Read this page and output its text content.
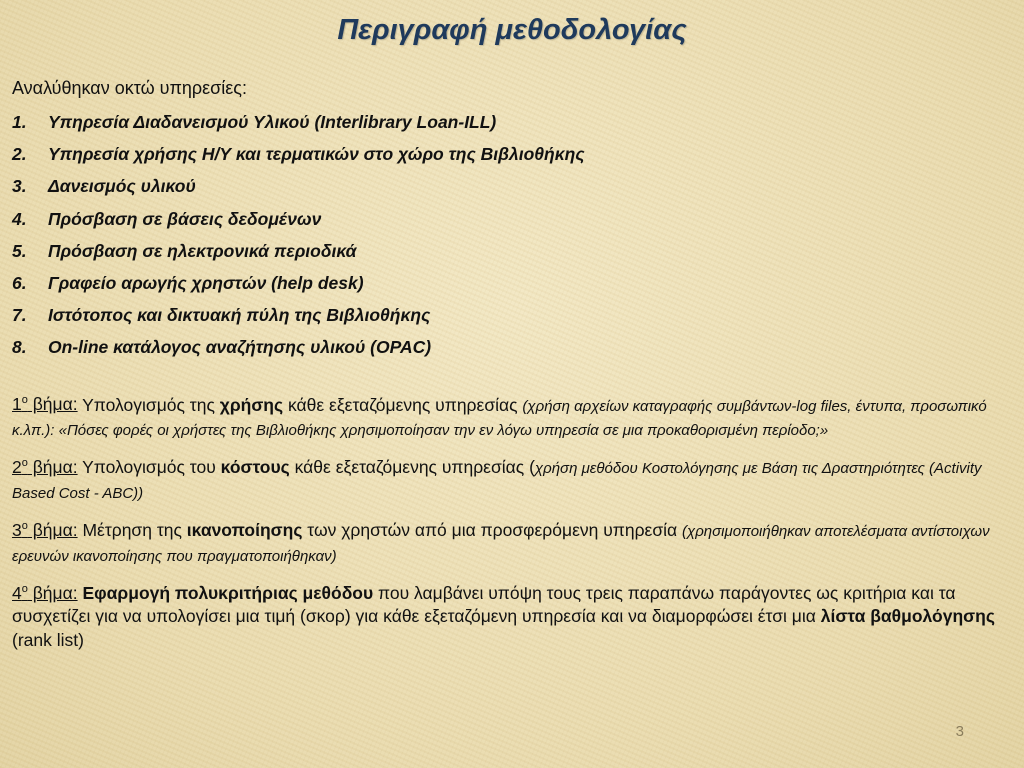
Περιγραφή μεθοδολογίας

Αναλύθηκαν οκτώ υπηρεσίες:

1.	Υπηρεσία Διαδανεισμού Υλικού (Interlibrary Loan-ILL)
2.	Υπηρεσία χρήσης Η/Υ και τερματικών στο χώρο της Βιβλιοθήκης
3.	Δανεισμός υλικού
4.	Πρόσβαση σε βάσεις δεδομένων
5.	Πρόσβαση σε ηλεκτρονικά περιοδικά
6.	Γραφείο αρωγής χρηστών (help desk)
7.	Ιστότοπος και δικτυακή πύλη της Βιβλιοθήκης
8.	On-line κατάλογος αναζήτησης υλικού (OPAC)

$1^o$ βήμα: Υπολογισμός της χρήσης κάθε εξεταζόμενης υπηρεσίας (χρήση αρχείων καταγραφής συμβάντων-log files, έντυπα, προσωπικό κ.λπ.): «Πόσες φορές οι χρήστες της Βιβλιοθήκης χρησιμοποίησαν την εν λόγω υπηρεσία σε μια προκαθορισμένη περίοδο;»

$2^o$ βήμα: Υπολογισμός του κόστους κάθε εξεταζόμενης υπηρεσίας (χρήση μεθόδου Κοστολόγησης με Βάση τις Δραστηριότητες (Activity Based Cost - ABC))

$3^o$ βήμα: Μέτρηση της ικανοποίησης των χρηστών από μια προσφερόμενη υπηρεσία (χρησιμοποιήθηκαν αποτελέσματα αντίστοιχων ερευνών ικανοποίησης που πραγματοποιήθηκαν)

$4^o$ βήμα: Εφαρμογή πολυκριτήριας μεθόδου που λαμβάνει υπόψη τους τρεις παραπάνω παράγοντες ως κριτήρια και τα συσχετίζει για να υπολογίσει μια τιμή (σκορ) για κάθε εξεταζόμενη υπηρεσία και να διαμορφώσει έτσι μια λίστα βαθμολόγησης (rank list)

3
